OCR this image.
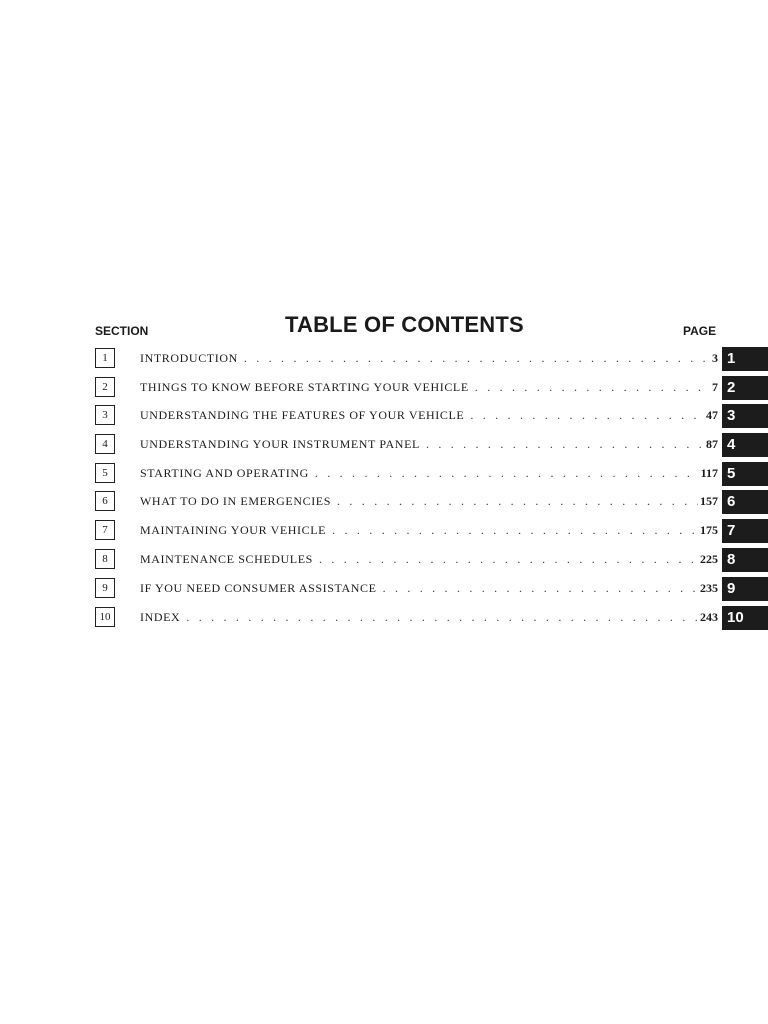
SECTION	TABLE OF CONTENTS	PAGE
1	INTRODUCTION . . .	3 1
2	THINGS TO KNOW BEFORE STARTING YOUR VEHICLE . . .	7 2
3	UNDERSTANDING THE FEATURES OF YOUR VEHICLE . . .	47 3
4	UNDERSTANDING YOUR INSTRUMENT PANEL . . .	87 4
5	STARTING AND OPERATING . . .	117 5
6	WHAT TO DO IN EMERGENCIES . . .	157 6
7	MAINTAINING YOUR VEHICLE . . .	175 7
8	MAINTENANCE SCHEDULES . . .	225 8
9	IF YOU NEED CONSUMER ASSISTANCE . . .	235 9
10	INDEX . . .	243 10
